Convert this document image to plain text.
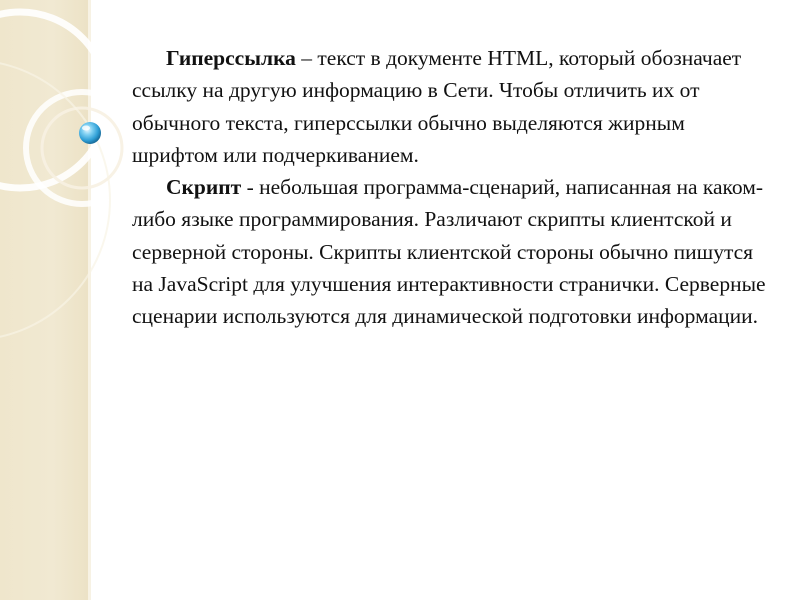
Гиперссылка – текст в документе HTML, который обозначает ссылку на другую информацию в Сети. Чтобы отличить их от обычного текста, гиперссылки обычно выделяются жирным шрифтом или подчеркиванием.

Скрипт - небольшая программа-сценарий, написанная на каком-либо языке программирования. Различают скрипты клиентской и серверной стороны. Скрипты клиентской стороны обычно пишутся на JavaScript для улучшения интерактивности странички. Серверные сценарии используются для динамической подготовки информации.
